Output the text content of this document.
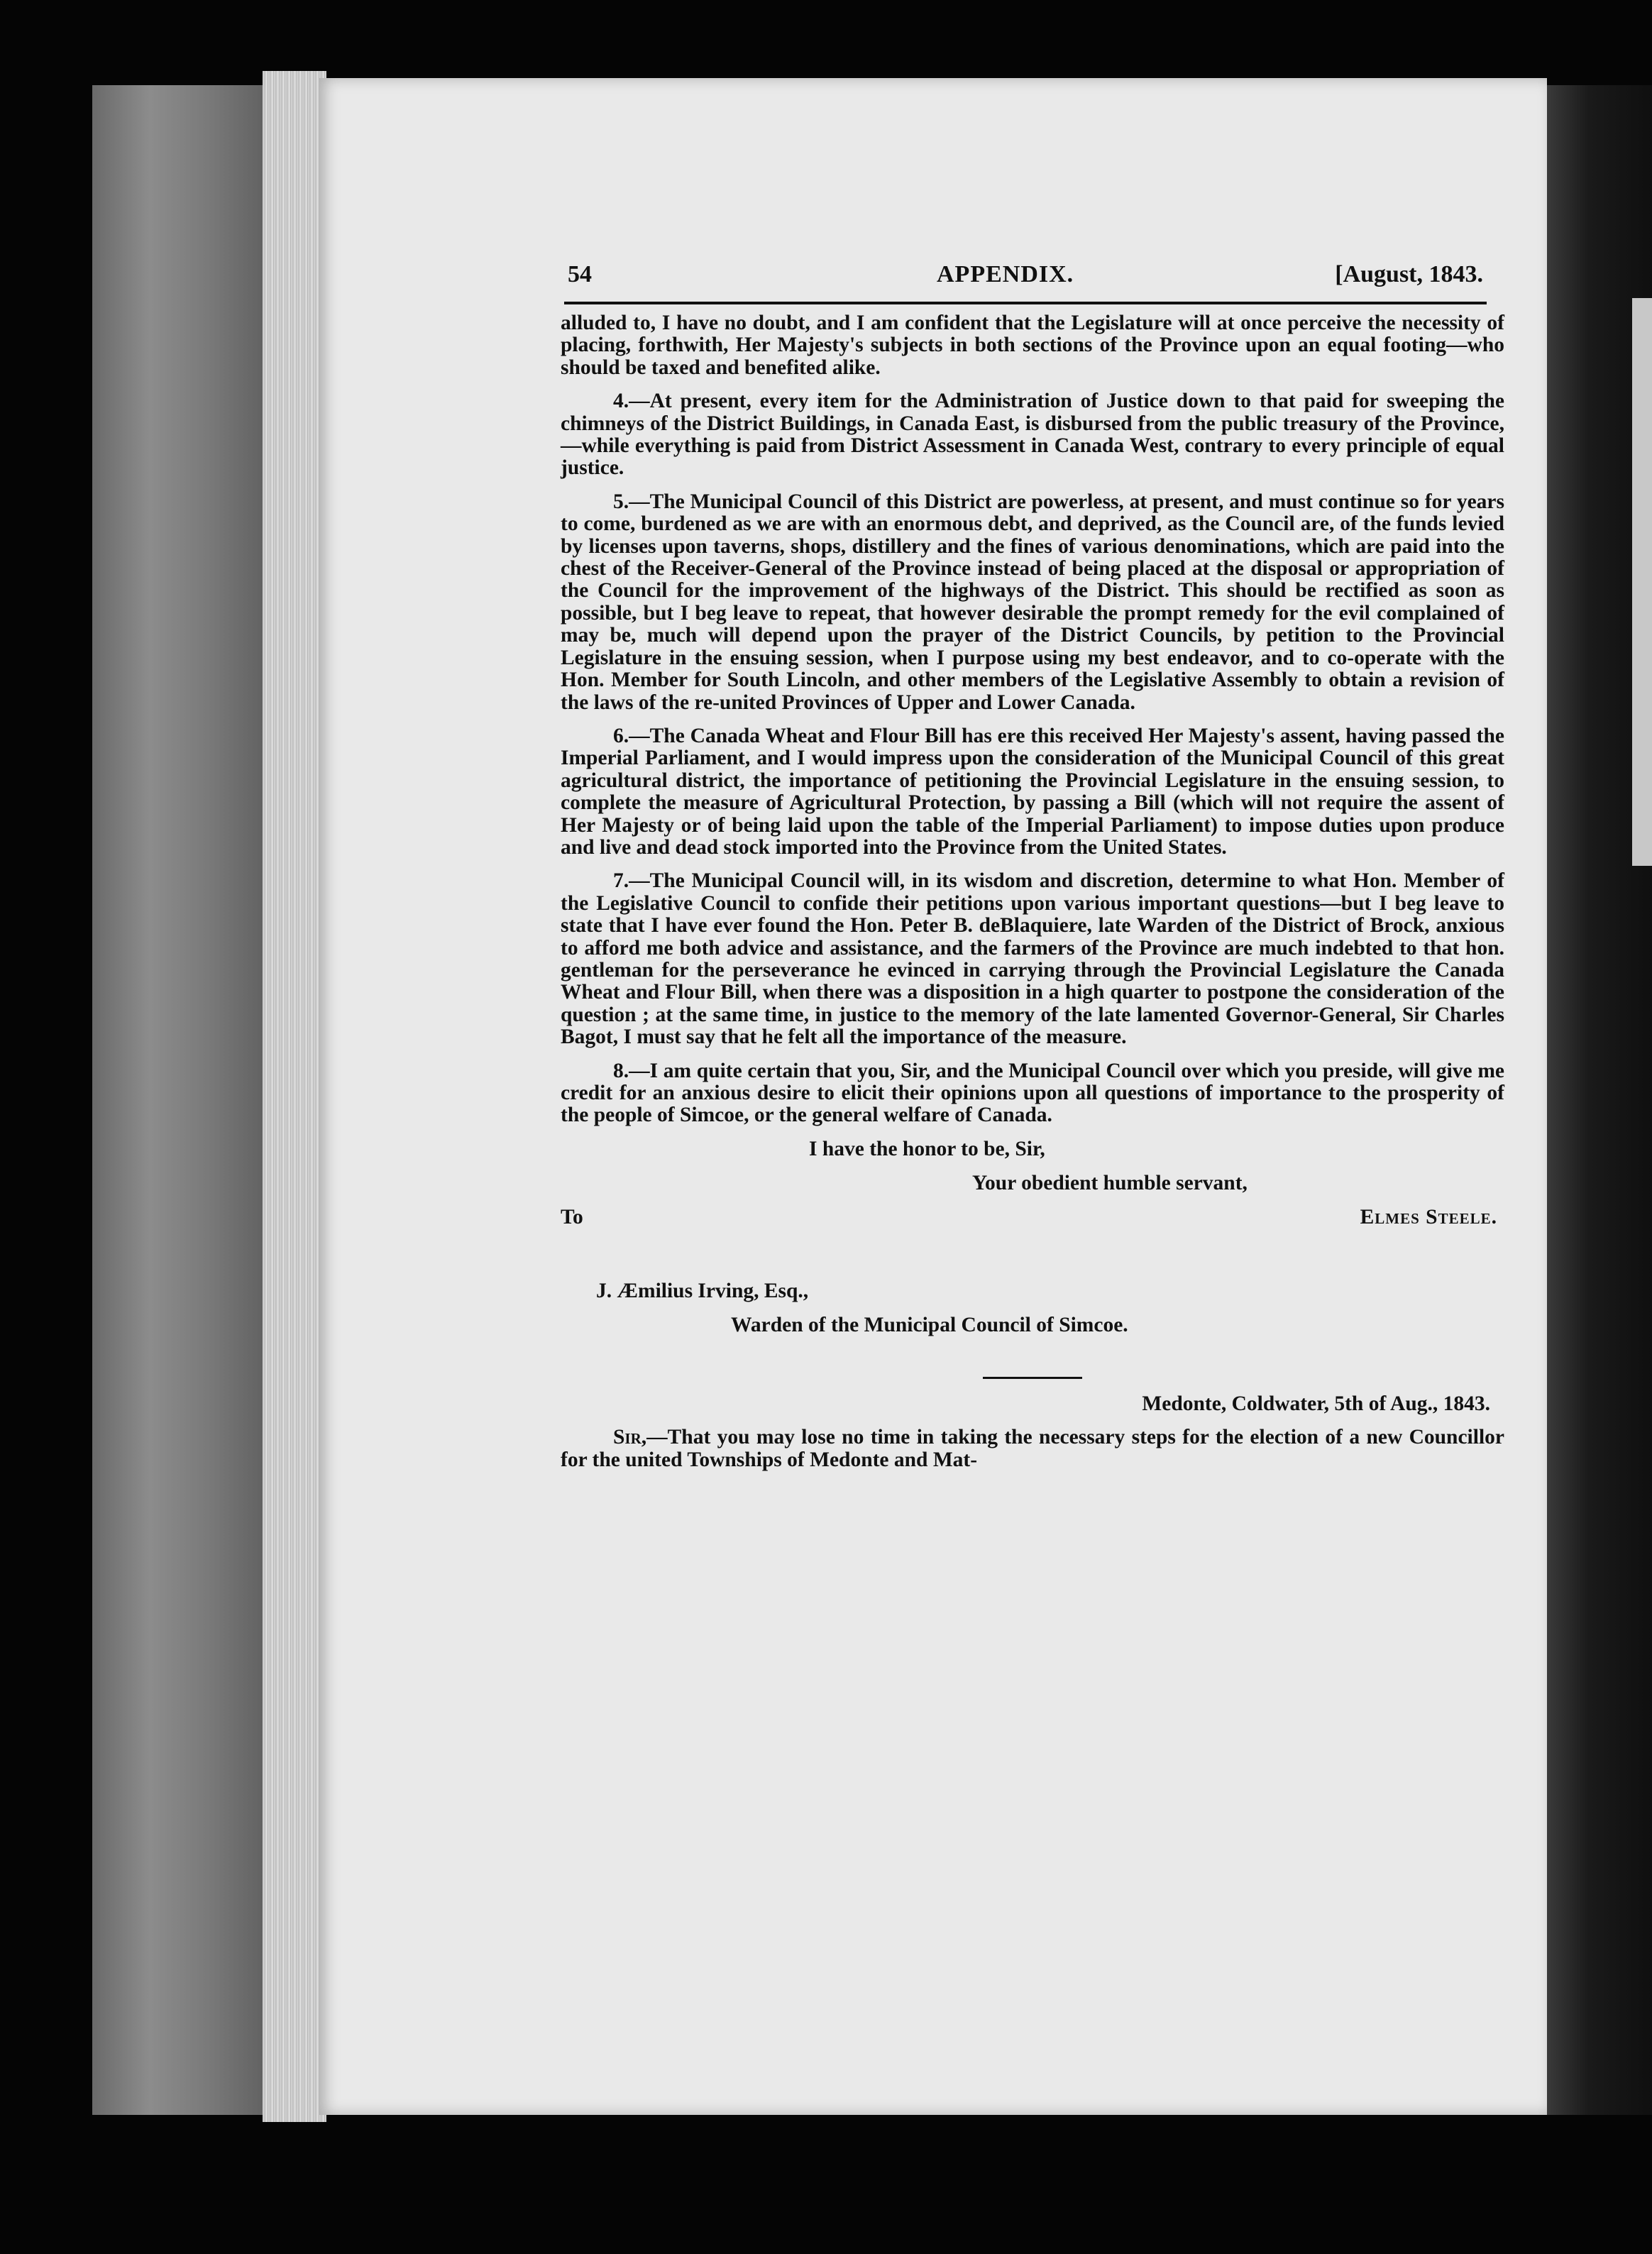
54	APPENDIX.	[August, 1843.

alluded to, I have no doubt, and I am confident that the Legislature will at once perceive the necessity of placing, forthwith, Her Majesty's subjects in both sections of the Province upon an equal footing—who should be taxed and benefited alike.

4.—At present, every item for the Administration of Justice down to that paid for sweeping the chimneys of the District Buildings, in Canada East, is disbursed from the public treasury of the Province,—while everything is paid from District Assessment in Canada West, contrary to every principle of equal justice.

5.—The Municipal Council of this District are powerless, at present, and must continue so for years to come, burdened as we are with an enormous debt, and deprived, as the Council are, of the funds levied by licenses upon taverns, shops, distillery and the fines of various denominations, which are paid into the chest of the Receiver-General of the Province instead of being placed at the disposal or appropriation of the Council for the improvement of the highways of the District. This should be rectified as soon as possible, but I beg leave to repeat, that however desirable the prompt remedy for the evil complained of may be, much will depend upon the prayer of the District Councils, by petition to the Provincial Legislature in the ensuing session, when I purpose using my best endeavor, and to co-operate with the Hon. Member for South Lincoln, and other members of the Legislative Assembly to obtain a revision of the laws of the re-united Provinces of Upper and Lower Canada.

6.—The Canada Wheat and Flour Bill has ere this received Her Majesty's assent, having passed the Imperial Parliament, and I would impress upon the consideration of the Municipal Council of this great agricultural district, the importance of petitioning the Provincial Legislature in the ensuing session, to complete the measure of Agricultural Protection, by passing a Bill (which will not require the assent of Her Majesty or of being laid upon the table of the Imperial Parliament) to impose duties upon produce and live and dead stock imported into the Province from the United States.

7.—The Municipal Council will, in its wisdom and discretion, determine to what Hon. Member of the Legislative Council to confide their petitions upon various important questions—but I beg leave to state that I have ever found the Hon. Peter B. deBlaquiere, late Warden of the District of Brock, anxious to afford me both advice and assistance, and the farmers of the Province are much indebted to that hon. gentleman for the perseverance he evinced in carrying through the Provincial Legislature the Canada Wheat and Flour Bill, when there was a disposition in a high quarter to postpone the consideration of the question ; at the same time, in justice to the memory of the late lamented Governor-General, Sir Charles Bagot, I must say that he felt all the importance of the measure.

8.—I am quite certain that you, Sir, and the Municipal Council over which you preside, will give me credit for an anxious desire to elicit their opinions upon all questions of importance to the prosperity of the people of Simcoe, or the general welfare of Canada.

I have the honor to be, Sir,
Your obedient humble servant,
To	Elmes Steele.
J. Æmilius Irving, Esq.,
Warden of the Municipal Council of Simcoe.

Medonte, Coldwater, 5th of Aug., 1843.

Sir,—That you may lose no time in taking the necessary steps for the election of a new Councillor for the united Townships of Medonte and Mat-
